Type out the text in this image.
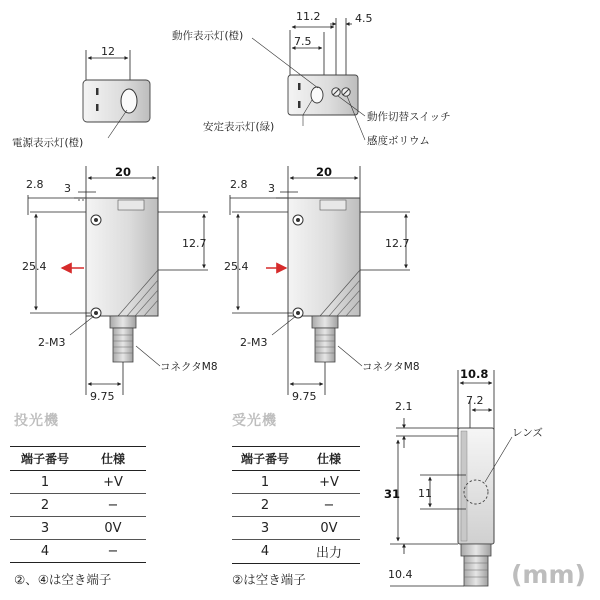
12
電源表示灯(橙)
11.2	4.5
7.5
動作表示灯(橙)
安定表示灯(緑)
動作切替スイッチ
感度ボリウム
20
2.8 3
12.7
25.4
2-M3
コネクタM8
9.75
20
2.8 3
12.7
25.4
2-M3
コネクタM8
9.75
10.8
7.2
2.1
レンズ
31 11
10.4
投光機
端子番号	仕様
1	+V
2	−
3	0V
4	−
②、④は空き端子
受光機
端子番号	仕様
1	+V
2	−
3	0V
4	出力
②は空き端子	(mm)
